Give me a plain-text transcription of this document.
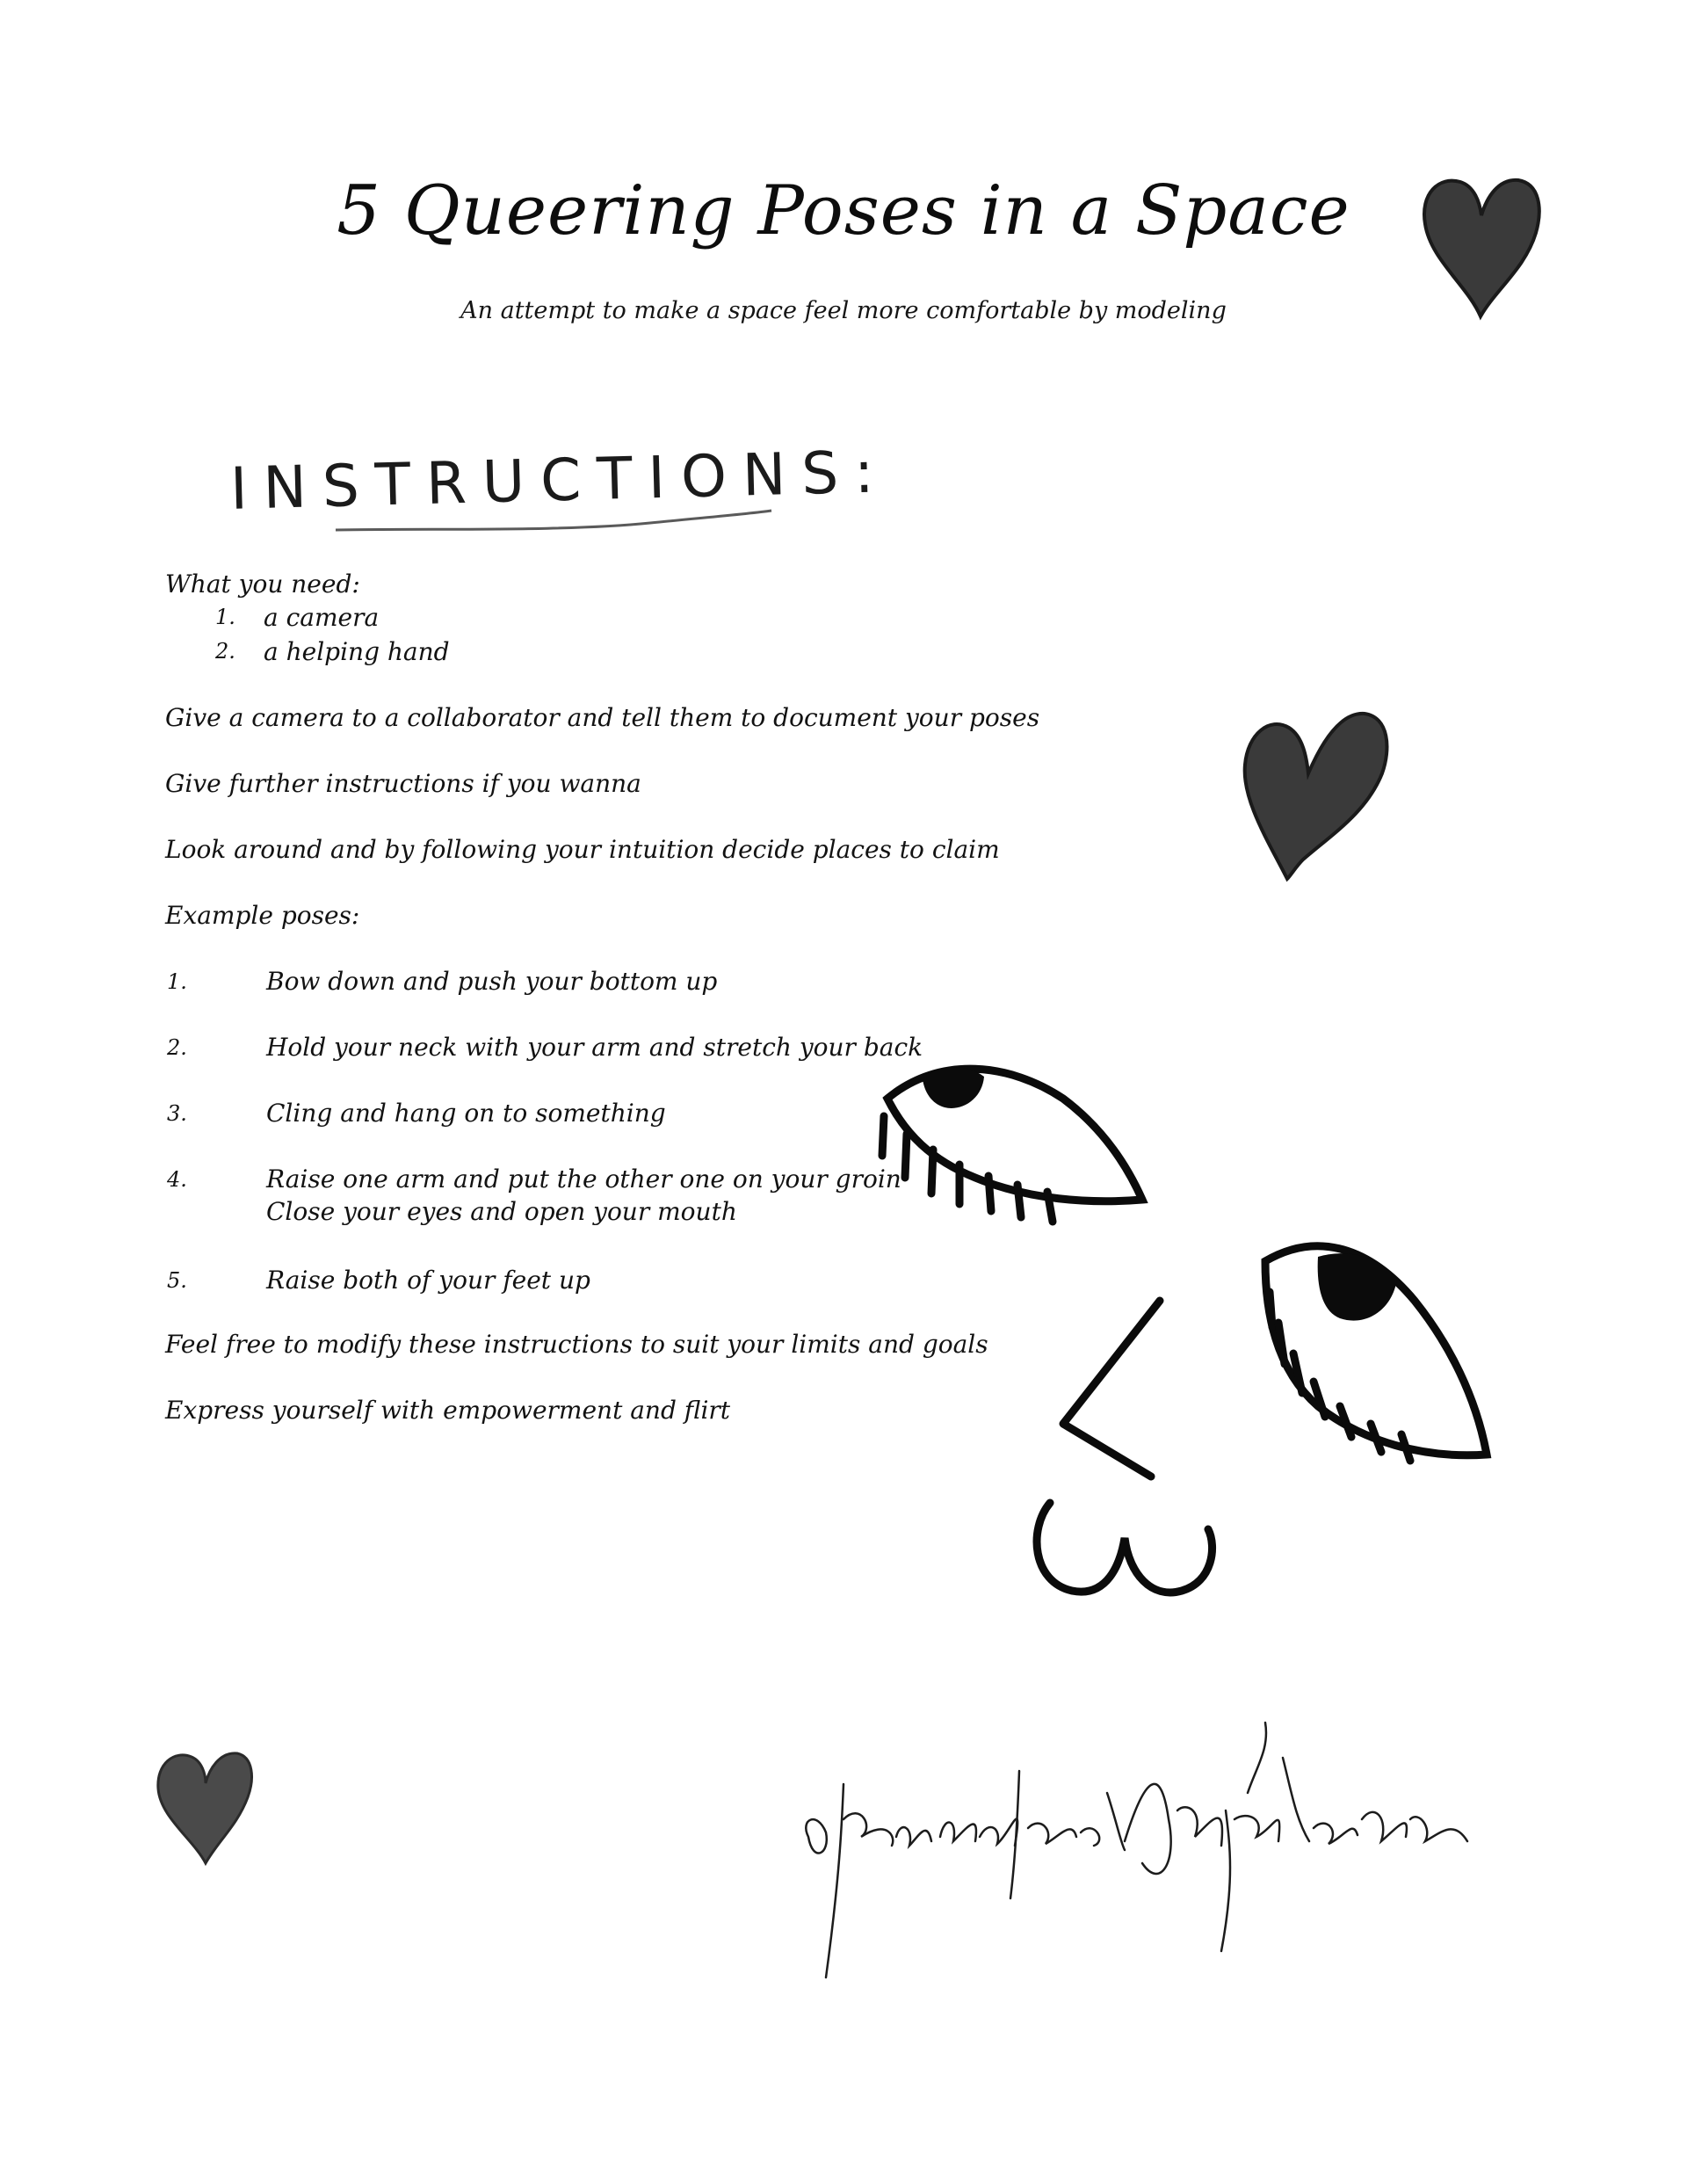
5 Queering Poses in a Space

An attempt to make a space feel more comfortable by modeling

INSTRUCTIONS:

What you need:

1. a camera
2. a helping hand

Give a camera to a collaborator and tell them to document your poses

Give further instructions if you wanna

Look around and by following your intuition decide places to claim

Example poses:

1.	Bow down and push your bottom up
2.	Hold your neck with your arm and stretch your back
3.	Cling and hang on to something
4.	Raise one arm and put the other one on your groin
Close your eyes and open your mouth
5.	Raise both of your feet up

Feel free to modify these instructions to suit your limits and goals

Express yourself with empowerment and flirt
